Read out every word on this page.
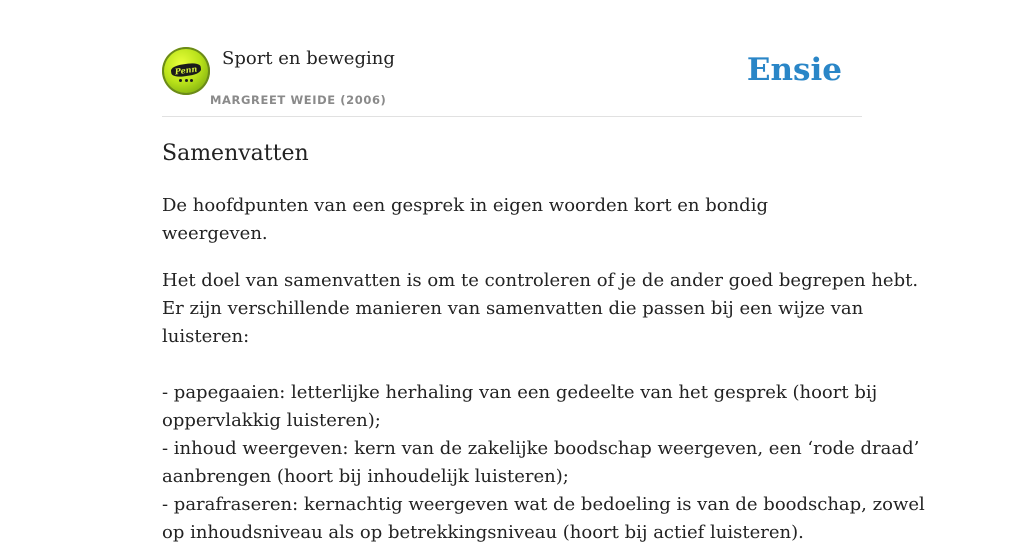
Penn
Sport en beweging
MARGREET WEIDE (2006)
Ensie
Samenvatten

De hoofdpunten van een gesprek in eigen woorden kort en bondig weergeven.

Het doel van samenvatten is om te controleren of je de ander goed begrepen hebt.
Er zijn verschillende manieren van samenvatten die passen bij een wijze van
luisteren:
- papegaaien: letterlijke herhaling van een gedeelte van het gesprek (hoort bij
oppervlakkig luisteren);
- inhoud weergeven: kern van de zakelijke boodschap weergeven, een ‘rode draad’
aanbrengen (hoort bij inhoudelijk luisteren);
- parafraseren: kernachtig weergeven wat de bedoeling is van de boodschap, zowel
op inhoudsniveau als op betrekkingsniveau (hoort bij actief luisteren).
